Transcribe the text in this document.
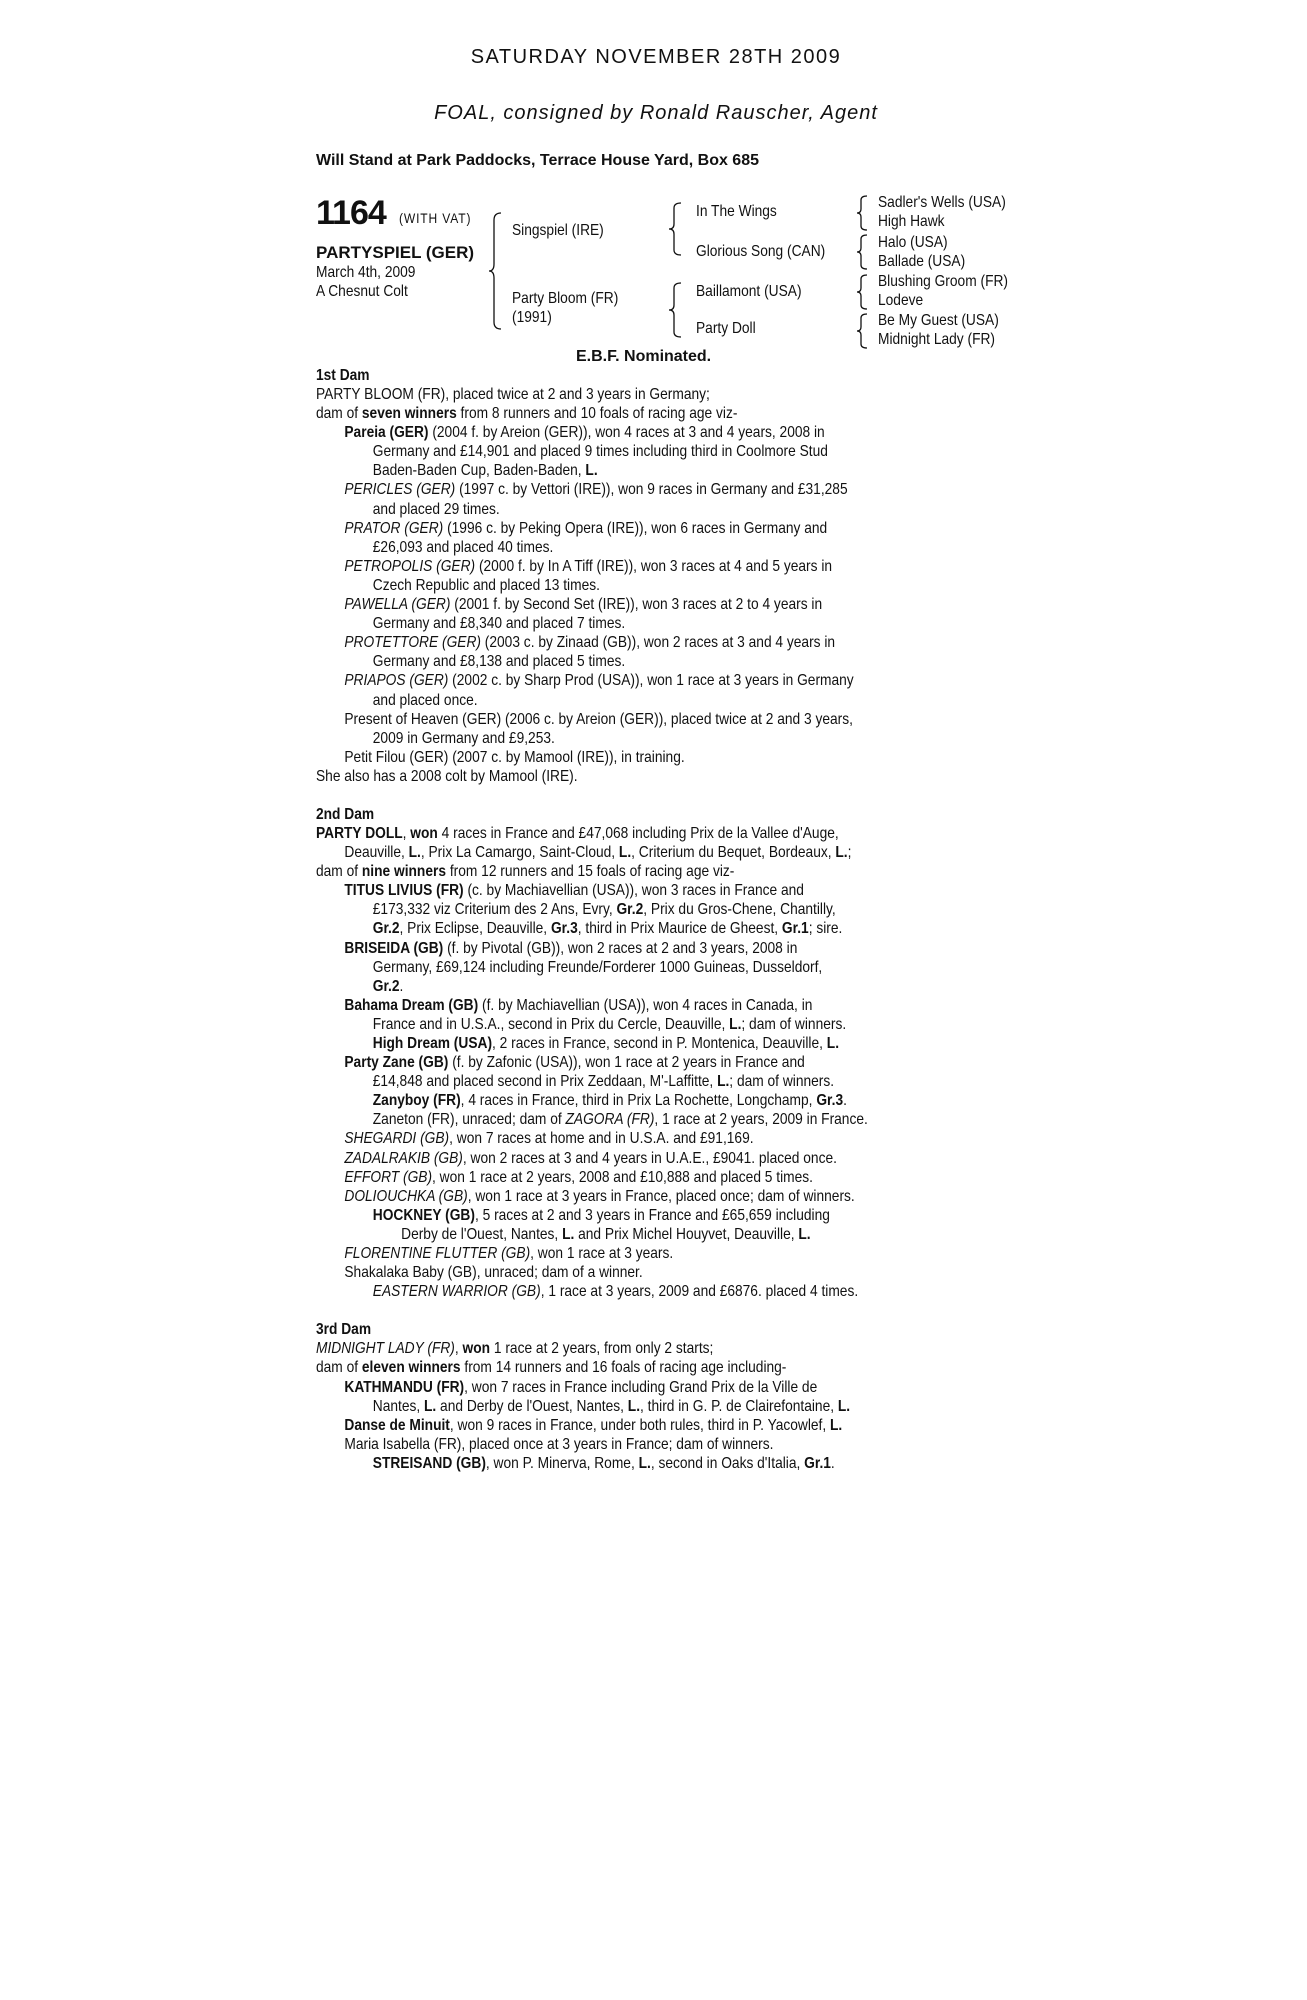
SATURDAY NOVEMBER 28TH 2009
FOAL, consigned by Ronald Rauscher, Agent
Will Stand at Park Paddocks, Terrace House Yard, Box 685
1164 (WITH VAT)
PARTYSPIEL (GER)
March 4th, 2009
A Chesnut Colt
Singspiel (IRE)
Party Bloom (FR)
(1991)
In The Wings
Glorious Song (CAN)
Baillamont (USA)
Party Doll
Sadler's Wells (USA)
High Hawk
Halo (USA)
Ballade (USA)
Blushing Groom (FR)
Lodeve
Be My Guest (USA)
Midnight Lady (FR)
E.B.F. Nominated.
1st Dam
PARTY BLOOM (FR), placed twice at 2 and 3 years in Germany;
dam of seven winners from 8 runners and 10 foals of racing age viz-
Pareia (GER) (2004 f. by Areion (GER)), won 4 races at 3 and 4 years, 2008 in
Germany and £14,901 and placed 9 times including third in Coolmore Stud
Baden-Baden Cup, Baden-Baden, L.
PERICLES (GER) (1997 c. by Vettori (IRE)), won 9 races in Germany and £31,285
and placed 29 times.
PRATOR (GER) (1996 c. by Peking Opera (IRE)), won 6 races in Germany and
£26,093 and placed 40 times.
PETROPOLIS (GER) (2000 f. by In A Tiff (IRE)), won 3 races at 4 and 5 years in
Czech Republic and placed 13 times.
PAWELLA (GER) (2001 f. by Second Set (IRE)), won 3 races at 2 to 4 years in
Germany and £8,340 and placed 7 times.
PROTETTORE (GER) (2003 c. by Zinaad (GB)), won 2 races at 3 and 4 years in
Germany and £8,138 and placed 5 times.
PRIAPOS (GER) (2002 c. by Sharp Prod (USA)), won 1 race at 3 years in Germany
and placed once.
Present of Heaven (GER) (2006 c. by Areion (GER)), placed twice at 2 and 3 years,
2009 in Germany and £9,253.
Petit Filou (GER) (2007 c. by Mamool (IRE)), in training.
She also has a 2008 colt by Mamool (IRE).
2nd Dam
PARTY DOLL, won 4 races in France and £47,068 including Prix de la Vallee d'Auge,
Deauville, L., Prix La Camargo, Saint-Cloud, L., Criterium du Bequet, Bordeaux, L.;
dam of nine winners from 12 runners and 15 foals of racing age viz-
TITUS LIVIUS (FR) (c. by Machiavellian (USA)), won 3 races in France and
£173,332 viz Criterium des 2 Ans, Evry, Gr.2, Prix du Gros-Chene, Chantilly,
Gr.2, Prix Eclipse, Deauville, Gr.3, third in Prix Maurice de Gheest, Gr.1; sire.
BRISEIDA (GB) (f. by Pivotal (GB)), won 2 races at 2 and 3 years, 2008 in
Germany, £69,124 including Freunde/Forderer 1000 Guineas, Dusseldorf,
Gr.2.
Bahama Dream (GB) (f. by Machiavellian (USA)), won 4 races in Canada, in
France and in U.S.A., second in Prix du Cercle, Deauville, L.; dam of winners.
High Dream (USA), 2 races in France, second in P. Montenica, Deauville, L.
Party Zane (GB) (f. by Zafonic (USA)), won 1 race at 2 years in France and
£14,848 and placed second in Prix Zeddaan, M'-Laffitte, L.; dam of winners.
Zanyboy (FR), 4 races in France, third in Prix La Rochette, Longchamp, Gr.3.
Zaneton (FR), unraced; dam of ZAGORA (FR), 1 race at 2 years, 2009 in France.
SHEGARDI (GB), won 7 races at home and in U.S.A. and £91,169.
ZADALRAKIB (GB), won 2 races at 3 and 4 years in U.A.E., £9041. placed once.
EFFORT (GB), won 1 race at 2 years, 2008 and £10,888 and placed 5 times.
DOLIOUCHKA (GB), won 1 race at 3 years in France, placed once; dam of winners.
HOCKNEY (GB), 5 races at 2 and 3 years in France and £65,659 including
Derby de l'Ouest, Nantes, L. and Prix Michel Houyvet, Deauville, L.
FLORENTINE FLUTTER (GB), won 1 race at 3 years.
Shakalaka Baby (GB), unraced; dam of a winner.
EASTERN WARRIOR (GB), 1 race at 3 years, 2009 and £6876. placed 4 times.
3rd Dam
MIDNIGHT LADY (FR), won 1 race at 2 years, from only 2 starts;
dam of eleven winners from 14 runners and 16 foals of racing age including-
KATHMANDU (FR), won 7 races in France including Grand Prix de la Ville de
Nantes, L. and Derby de l'Ouest, Nantes, L., third in G. P. de Clairefontaine, L.
Danse de Minuit, won 9 races in France, under both rules, third in P. Yacowlef, L.
Maria Isabella (FR), placed once at 3 years in France; dam of winners.
STREISAND (GB), won P. Minerva, Rome, L., second in Oaks d'Italia, Gr.1.
